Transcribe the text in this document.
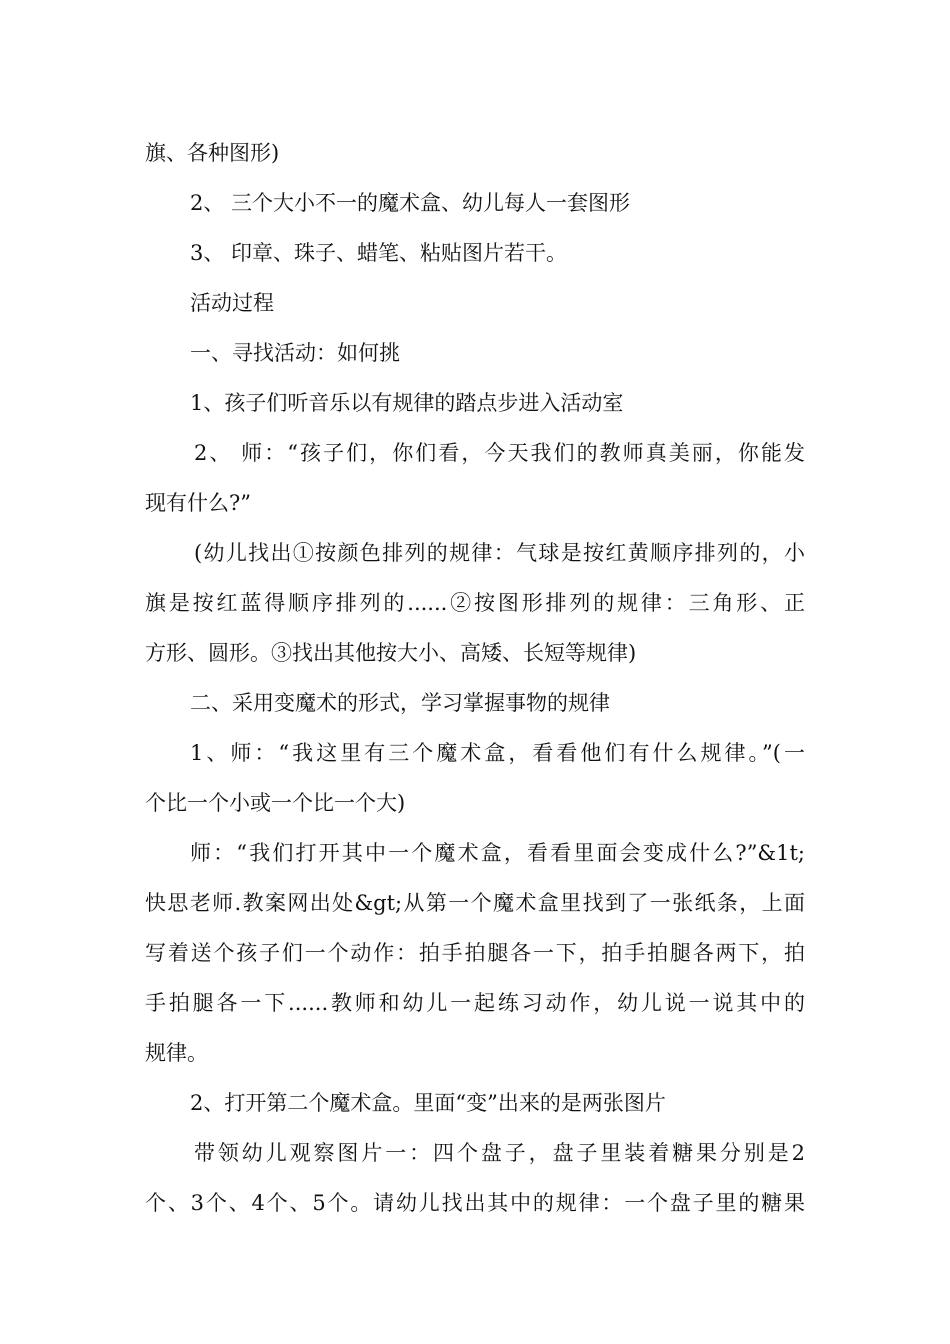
旗、各种图形)
2、 三个大小不一的魔术盒、幼儿每人一套图形
3、 印章、珠子、蜡笔、粘贴图片若干。
活动过程
一、寻找活动：如何挑
1、孩子们听音乐以有规律的踏点步进入活动室
2、 师：“孩子们，你们看，今天我们的教师真美丽，你能发
现有什么?”
(幼儿找出①按颜色排列的规律：气球是按红黄顺序排列的，小
旗是按红蓝得顺序排列的......②按图形排列的规律：三角形、正
方形、圆形。③找出其他按大小、高矮、长短等规律)
二、采用变魔术的形式，学习掌握事物的规律
1、师：“我这里有三个魔术盒，看看他们有什么规律。”(一
个比一个小或一个比一个大)
师：“我们打开其中一个魔术盒，看看里面会变成什么?”&1t;
快思老师.教案网出处&gt;从第一个魔术盒里找到了一张纸条，上面
写着送个孩子们一个动作：拍手拍腿各一下，拍手拍腿各两下，拍
手拍腿各一下......教师和幼儿一起练习动作，幼儿说一说其中的
规律。
2、打开第二个魔术盒。里面“变”出来的是两张图片
带领幼儿观察图片一：四个盘子，盘子里装着糖果分别是2
个、3个、4个、5个。请幼儿找出其中的规律：一个盘子里的糖果
